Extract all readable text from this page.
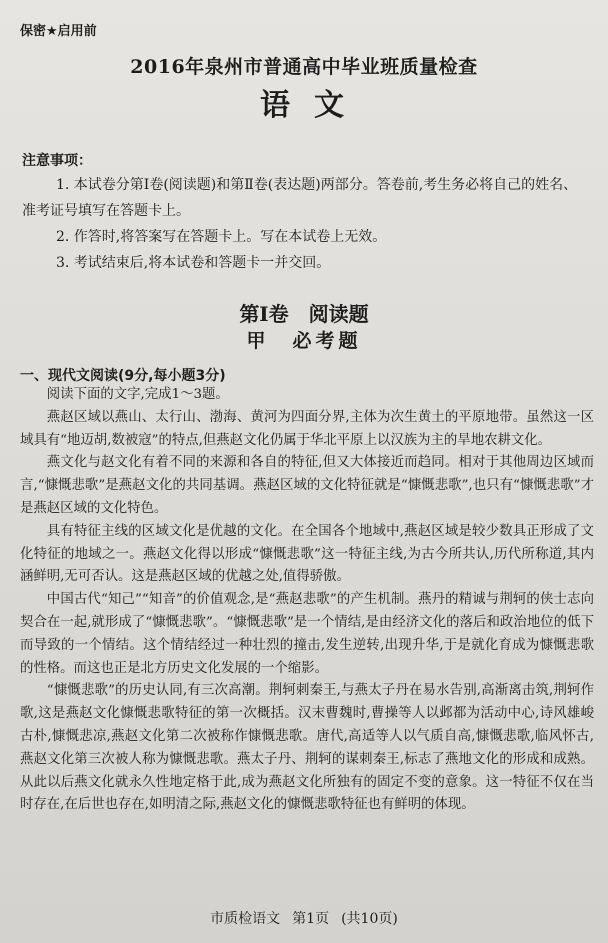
保密★启用前
2016年泉州市普通高中毕业班质量检查
语文
注意事项：
1. 本试卷分第Ⅰ卷(阅读题)和第Ⅱ卷(表达题)两部分。答卷前,考生务必将自己的姓名、准考证号填写在答题卡上。
2. 作答时,将答案写在答题卡上。写在本试卷上无效。
3. 考试结束后,将本试卷和答题卡一并交回。
第Ⅰ卷　阅读题
甲　必考题
一、现代文阅读(9分,每小题3分)

阅读下面的文字,完成1～3题。

燕赵区域以燕山、太行山、渤海、黄河为四面分界,主体为次生黄土的平原地带。虽然这一区域具有“地迈胡,数被寇”的特点,但燕赵文化仍属于华北平原上以汉族为主的旱地农耕文化。

燕文化与赵文化有着不同的来源和各自的特征,但又大体接近而趋同。相对于其他周边区域而言,“慷慨悲歌”是燕赵文化的共同基调。燕赵区域的文化特征就是“慷慨悲歌”,也只有“慷慨悲歌”才是燕赵区域的文化特色。

具有特征主线的区域文化是优越的文化。在全国各个地域中,燕赵区域是较少数具正形成了文化特征的地域之一。燕赵文化得以形成“慷慨悲歌”这一特征主线,为古今所共认,历代所称道,其内涵鲜明,无可否认。这是燕赵区域的优越之处,值得骄傲。

中国古代“知己”“知音”的价值观念,是“燕赵悲歌”的产生机制。燕丹的精诚与荆轲的侠士志向契合在一起,就形成了“慷慨悲歌”。“慷慨悲歌”是一个情结,是由经济文化的落后和政治地位的低下而导致的一个情结。这个情结经过一种壮烈的撞击,发生逆转,出现升华,于是就化育成为慷慨悲歌的性格。而这也正是北方历史文化发展的一个缩影。

“慷慨悲歌”的历史认同,有三次高潮。荆轲刺秦王,与燕太子丹在易水告别,高渐离击筑,荆轲作歌,这是燕赵文化慷慨悲歌特征的第一次概括。汉末曹魏时,曹操等人以邺都为活动中心,诗风雄峻古朴,慷慨悲凉,燕赵文化第二次被称作慷慨悲歌。唐代,高适等人以气质自高,慷慨悲歌,临风怀古,燕赵文化第三次被人称为慷慨悲歌。燕太子丹、荆轲的谋刺秦王,标志了燕地文化的形成和成熟。从此以后燕文化就永久性地定格于此,成为燕赵文化所独有的固定不变的意象。这一特征不仅在当时存在,在后世也存在,如明清之际,燕赵文化的慷慨悲歌特征也有鲜明的体现。

市质检语文 第1页 (共10页)
